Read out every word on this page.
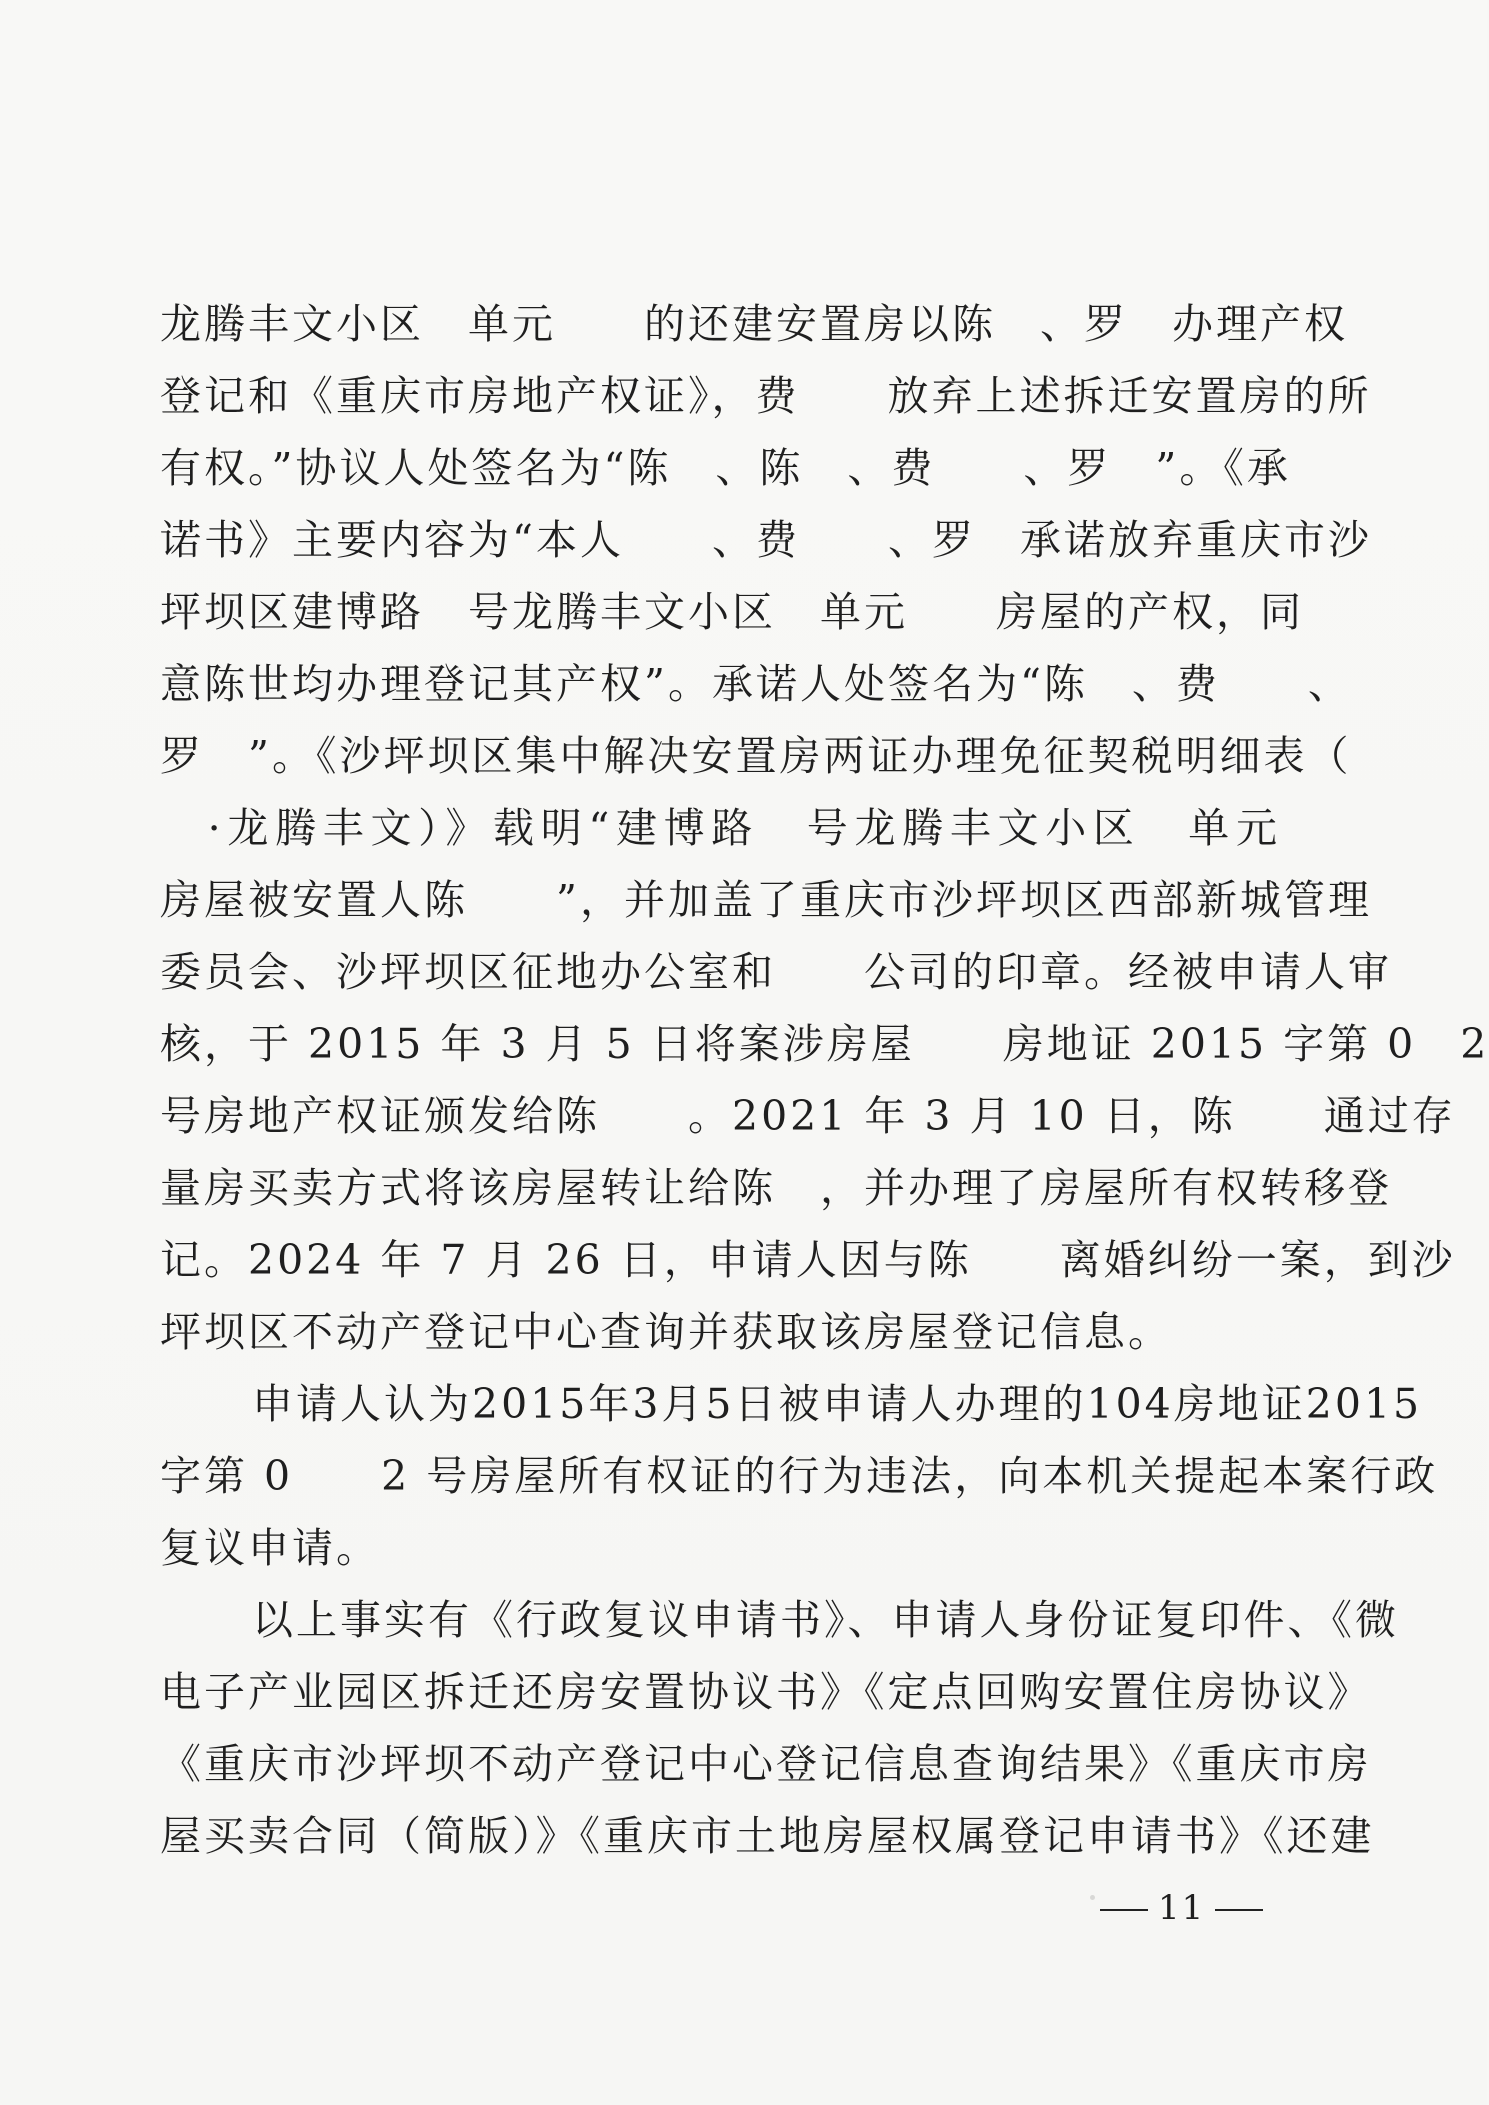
龙腾丰文小区　单元　　的还建安置房以陈　、罗　办理产权
登记和《重庆市房地产权证》，费　　放弃上述拆迁安置房的所
有权。”协议人处签名为“陈　、陈　、费　　、罗　”。《承
诺书》主要内容为“本人　　、费　　、罗　承诺放弃重庆市沙
坪坝区建博路　号龙腾丰文小区　单元　　房屋的产权，同
意陈世均办理登记其产权”。承诺人处签名为“陈　、费　　、
罗　”。《沙坪坝区集中解决安置房两证办理免征契税明细表（　
　·龙腾丰文）》载明“建博路　号龙腾丰文小区　单元　　
房屋被安置人陈　　”，并加盖了重庆市沙坪坝区西部新城管理
委员会、沙坪坝区征地办公室和　　公司的印章。经被申请人审
核，于 2015 年 3 月 5 日将案涉房屋　　房地证 2015 字第 0　2
号房地产权证颁发给陈　　。2021 年 3 月 10 日，陈　　通过存
量房买卖方式将该房屋转让给陈　，并办理了房屋所有权转移登
记。2024 年 7 月 26 日，申请人因与陈　　离婚纠纷一案，到沙
坪坝区不动产登记中心查询并获取该房屋登记信息。
申请人认为2015年3月5日被申请人办理的104房地证2015
字第 0　　2 号房屋所有权证的行为违法，向本机关提起本案行政
复议申请。
以上事实有《行政复议申请书》、申请人身份证复印件、《微
电子产业园区拆迁还房安置协议书》《定点回购安置住房协议》
《重庆市沙坪坝不动产登记中心登记信息查询结果》《重庆市房
屋买卖合同（简版）》《重庆市土地房屋权属登记申请书》《还建
11
